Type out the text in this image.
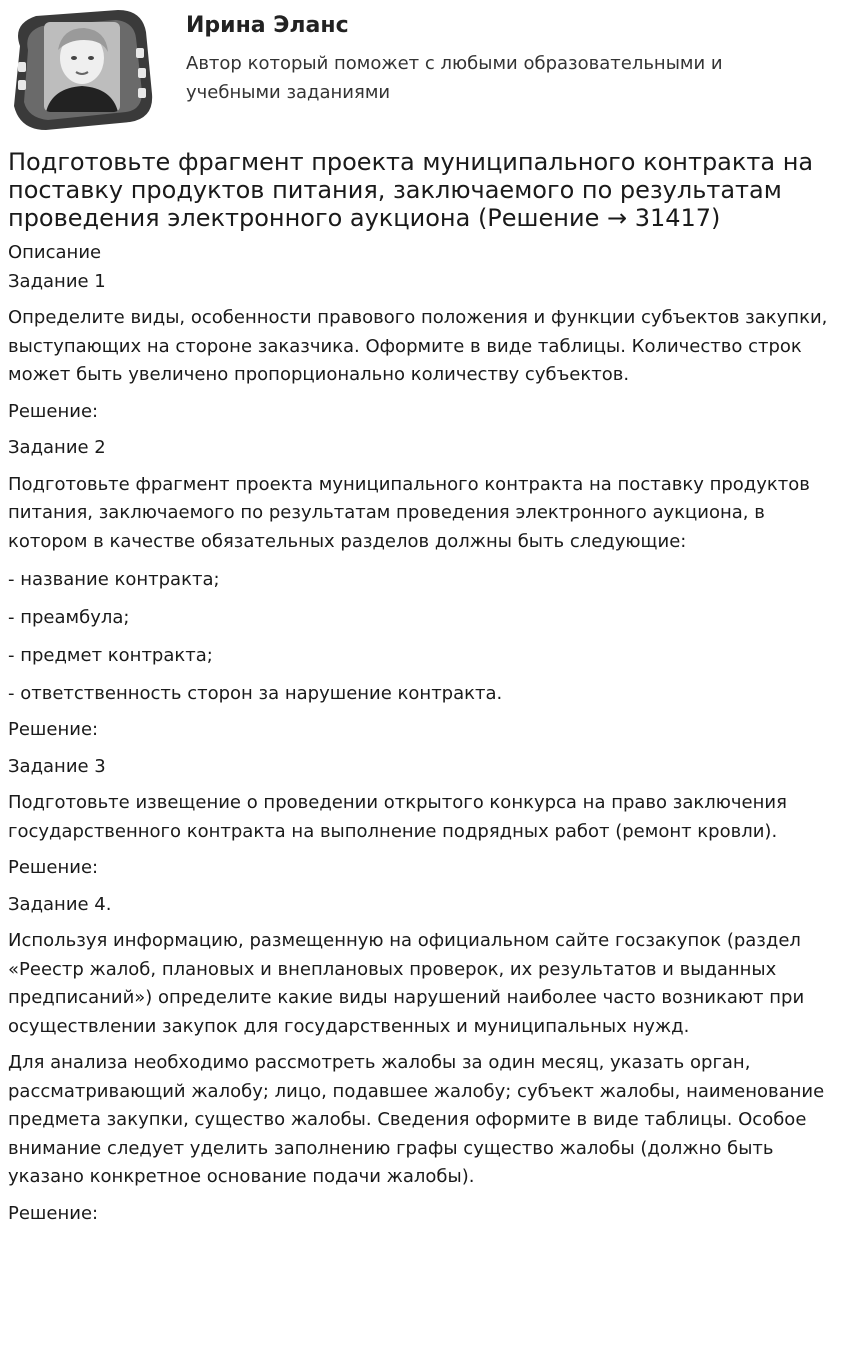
Ирина Эланс

Автор который поможет с любыми образовательными и учебными заданиями

Подготовьте фрагмент проекта муниципального контракта на поставку продуктов питания, заключаемого по результатам проведения электронного аукциона (Решение → 31417)

Описание

Задание 1

Определите виды, особенности правового положения и функции субъектов закупки, выступающих на стороне заказчика. Оформите в виде таблицы. Количество строк может быть увеличено пропорционально количеству субъектов.

Решение:

Задание 2

Подготовьте фрагмент проекта муниципального контракта на поставку продуктов питания, заключаемого по результатам проведения электронного аукциона, в котором в качестве обязательных разделов должны быть следующие:

- название контракта;

- преамбула;

- предмет контракта;

- ответственность сторон за нарушение контракта.

Решение:

Задание 3

Подготовьте извещение о проведении открытого конкурса на право заключения государственного контракта на выполнение подрядных работ (ремонт кровли).

Решение:

Задание 4.

Используя информацию, размещенную на официальном сайте госзакупок (раздел «Реестр жалоб, плановых и внеплановых проверок, их результатов и выданных предписаний») определите какие виды нарушений наиболее часто возникают при осуществлении закупок для государственных и муниципальных нужд.

Для анализа необходимо рассмотреть жалобы за один месяц, указать орган, рассматривающий жалобу; лицо, подавшее жалобу; субъект жалобы, наименование предмета закупки, существо жалобы. Сведения оформите в виде таблицы. Особое внимание следует уделить заполнению графы существо жалобы (должно быть указано конкретное основание подачи жалобы).

Решение:
